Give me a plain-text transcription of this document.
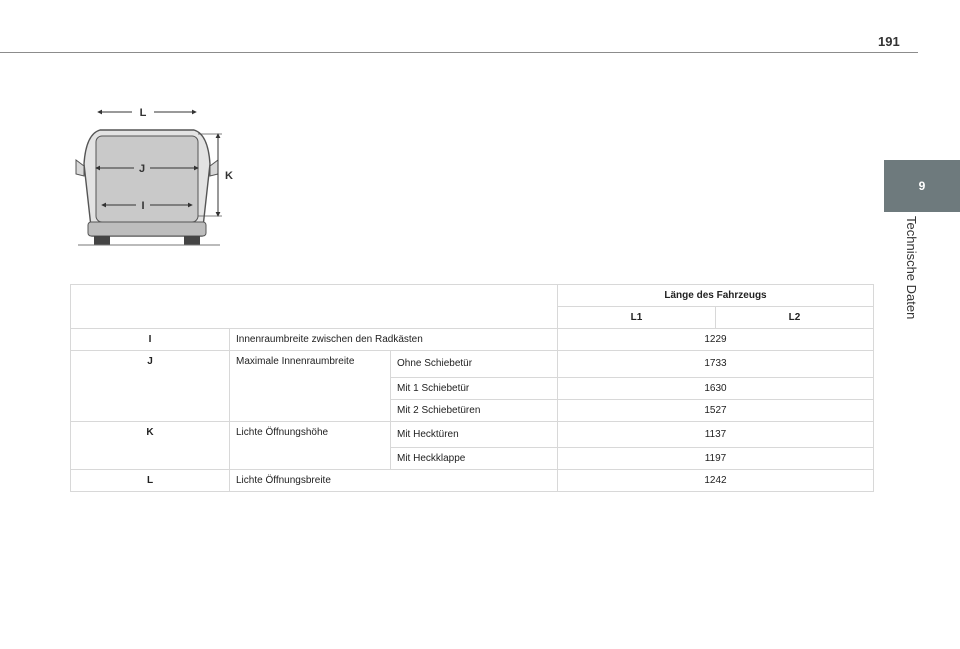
191
9
Technische Daten
L
J
I
K
			Länge des Fahrzeugs	
			L1	L2
I	Innenraumbreite zwischen den Radkästen		1229	
J	Maximale Innenraumbreite	Ohne Schiebetür	1733	
		Mit 1 Schiebetür	1630	
		Mit 2 Schiebetüren	1527	
K	Lichte Öffnungshöhe	Mit Hecktüren	1137	
		Mit Heckklappe	1197	
L	Lichte Öffnungsbreite		1242	
